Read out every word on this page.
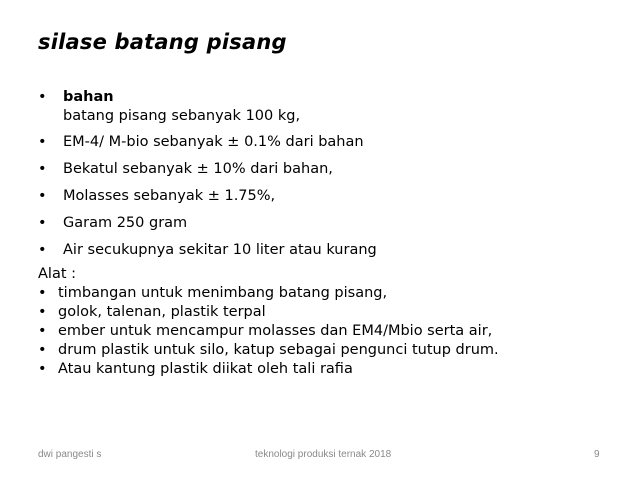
silase batang pisang
• bahan
batang pisang sebanyak 100 kg,
• EM-4/ M-bio sebanyak ± 0.1% dari bahan
• Bekatul sebanyak ± 10% dari bahan,
• Molasses sebanyak ± 1.75%,
• Garam 250 gram
• Air secukupnya sekitar 10 liter atau kurang
Alat :
• timbangan untuk menimbang batang pisang,
• golok, talenan, plastik terpal
• ember untuk mencampur molasses dan EM4/Mbio serta air,
• drum plastik untuk silo, katup sebagai pengunci tutup drum.
• Atau kantung plastik diikat oleh tali rafia
dwi pangesti s	teknologi produksi ternak 2018	9
